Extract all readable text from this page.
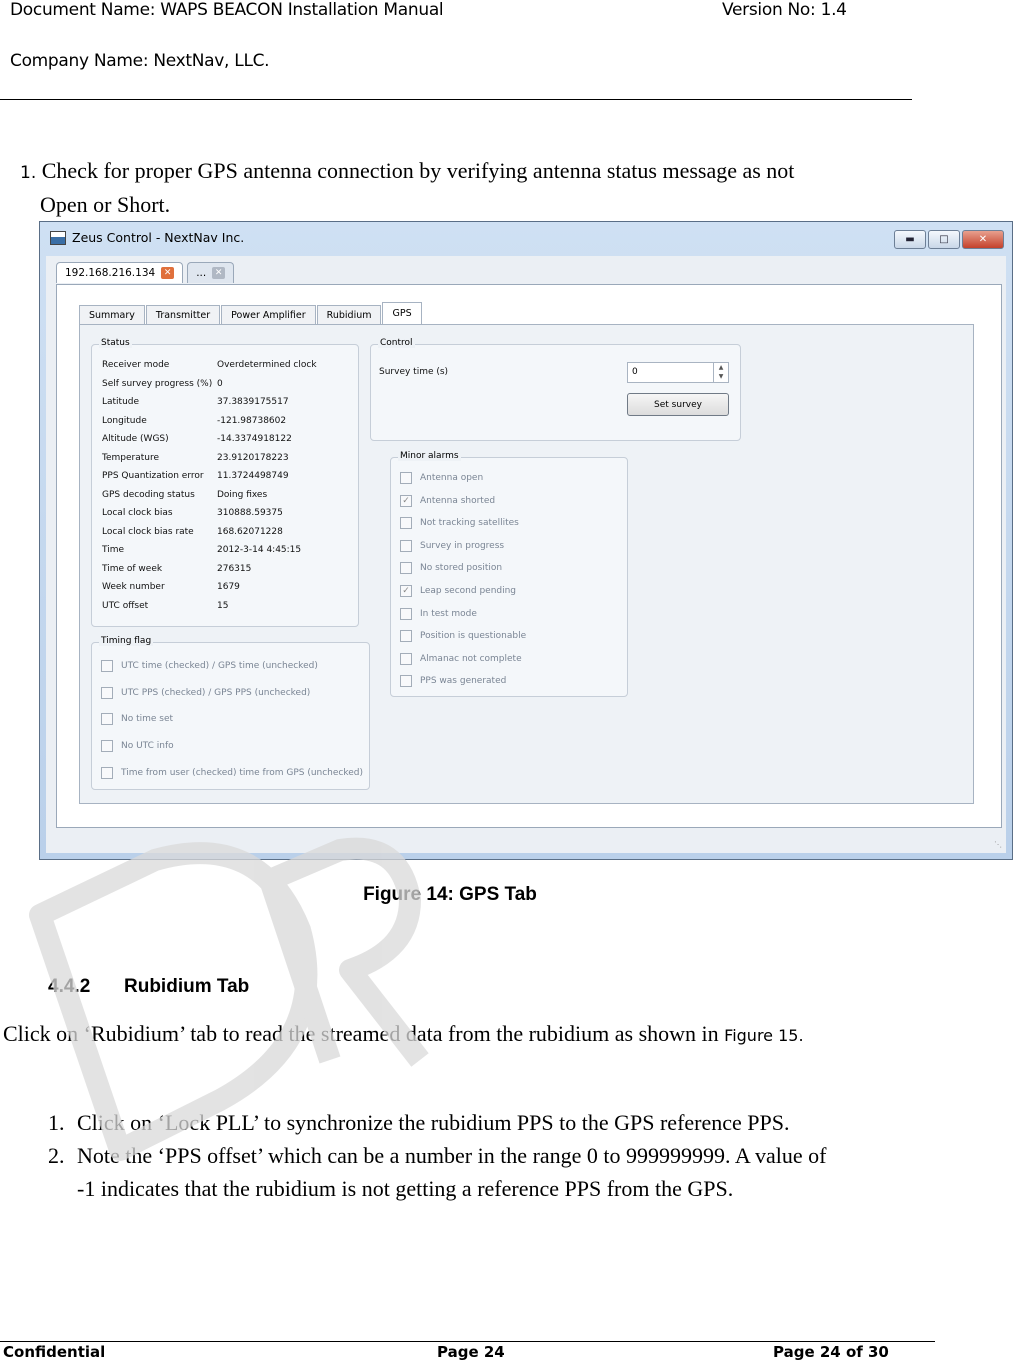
Document Name: WAPS BEACON Installation Manual	Version No: 1.4
Company Name: NextNav, LLC.
1. Check for proper GPS antenna connection by verifying antenna status message as not
Open or Short.
Zeus Control - NextNav Inc.	▬	□	✕
192.168.216.134 ✕ ... ✕
Summary	Transmitter	Power Amplifier	Rubidium	GPS
Status
Receiver mode	Overdetermined clock
Self survey progress (%) 0
Latitude	37.3839175517
Longitude	-121.98738602
Altitude (WGS)	-14.3374918122
Temperature	23.9120178223
PPS Quantization error 11.3724498749
GPS decoding status Doing fixes
Local clock bias	310888.59375
Local clock bias rate	168.62071228
Time	2012-3-14 4:45:15
Time of week	276315
Week number	1679
UTC offset	15
Timing flag
UTC time (checked) / GPS time (unchecked)
UTC PPS (checked) / GPS PPS (unchecked)
No time set
No UTC info
Time from user (checked) time from GPS (unchecked)
Control
Survey time (s)	0	▲
▼
Set survey
Minor alarms
Antenna open
✓ Antenna shorted
Not tracking satellites
Survey in progress
No stored position
✓ Leap second pending
In test mode
Position is questionable
Almanac not complete
PPS was generated
⋱
Figure 14: GPS Tab
4.4.2 Rubidium Tab
Click on ‘Rubidium’ tab to read the streamed data from the rubidium as shown in Figure 15.
1. Click on ‘Lock PLL’ to synchronize the rubidium PPS to the GPS reference PPS.
2. Note the ‘PPS offset’ which can be a number in the range 0 to 999999999. A value of -1 indicates that the rubidium is not getting a reference PPS from the GPS.
Confidential	Page 24	Page 24 of 30
DRAFT
